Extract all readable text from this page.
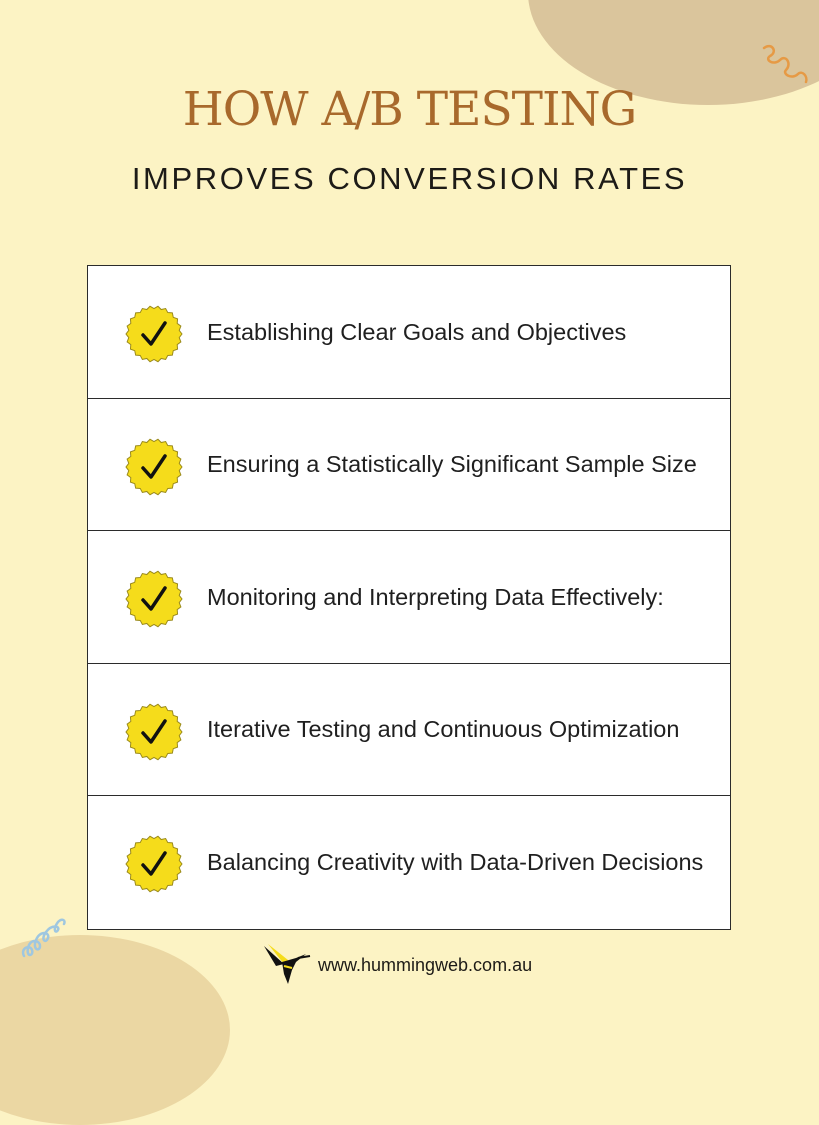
HOW A/B TESTING
IMPROVES CONVERSION RATES
Establishing Clear Goals and Objectives
Ensuring a Statistically Significant Sample Size
Monitoring and Interpreting Data Effectively:
Iterative Testing and Continuous Optimization
Balancing Creativity with Data-Driven Decisions
www.hummingweb.com.au
